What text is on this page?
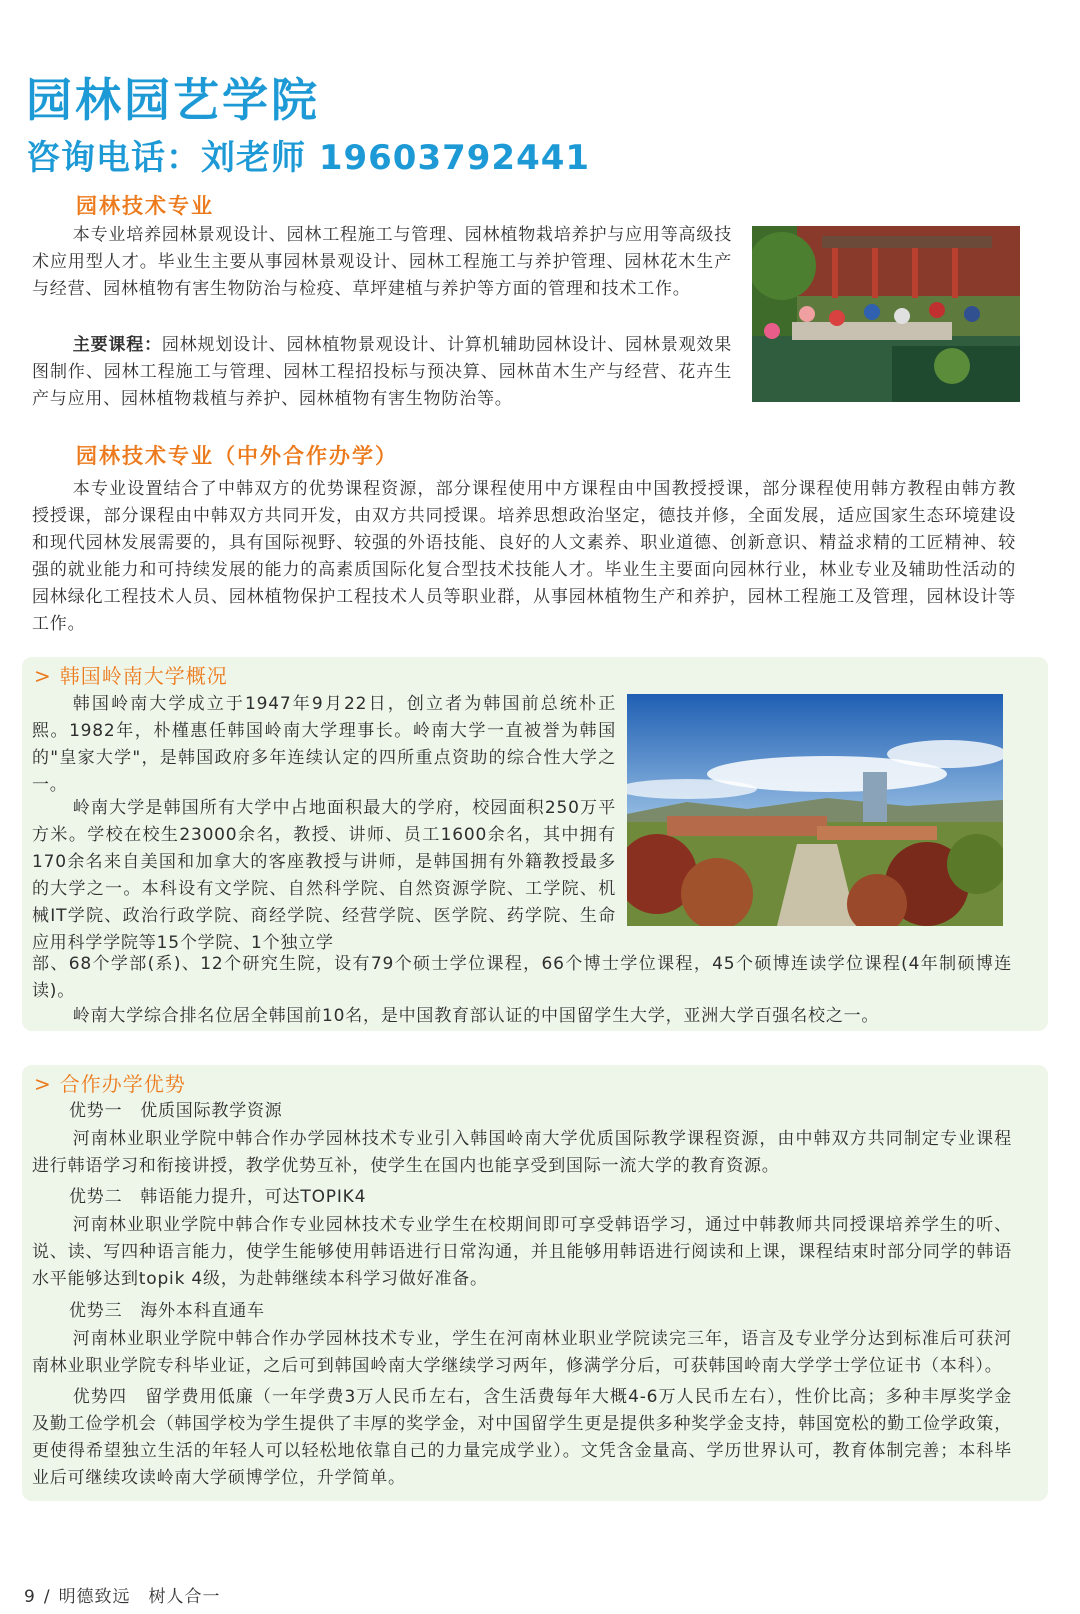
园林园艺学院
咨询电话：刘老师 19603792441
园林技术专业

本专业培养园林景观设计、园林工程施工与管理、园林植物栽培养护与应用等高级技术应用型人才。毕业生主要从事园林景观设计、园林工程施工与养护管理、园林花木生产与经营、园林植物有害生物防治与检疫、草坪建植与养护等方面的管理和技术工作。

主要课程：园林规划设计、园林植物景观设计、计算机辅助园林设计、园林景观效果图制作、园林工程施工与管理、园林工程招投标与预决算、园林苗木生产与经营、花卉生产与应用、园林植物栽植与养护、园林植物有害生物防治等。

园林技术专业（中外合作办学）

本专业设置结合了中韩双方的优势课程资源，部分课程使用中方课程由中国教授授课，部分课程使用韩方教程由韩方教授授课，部分课程由中韩双方共同开发，由双方共同授课。培养思想政治坚定，德技并修，全面发展，适应国家生态环境建设和现代园林发展需要的，具有国际视野、较强的外语技能、良好的人文素养、职业道德、创新意识、精益求精的工匠精神、较强的就业能力和可持续发展的能力的高素质国际化复合型技术技能人才。毕业生主要面向园林行业，林业专业及辅助性活动的园林绿化工程技术人员、园林植物保护工程技术人员等职业群，从事园林植物生产和养护，园林工程施工及管理，园林设计等工作。

> 韩国岭南大学概况

韩国岭南大学成立于1947年9月22日，创立者为韩国前总统朴正熙。1982年，朴槿惠任韩国岭南大学理事长。岭南大学一直被誉为韩国的"皇家大学"，是韩国政府多年连续认定的四所重点资助的综合性大学之一。

岭南大学是韩国所有大学中占地面积最大的学府，校园面积250万平方米。学校在校生23000余名，教授、讲师、员工1600余名，其中拥有170余名来自美国和加拿大的客座教授与讲师，是韩国拥有外籍教授最多的大学之一。本科设有文学院、自然科学院、自然资源学院、工学院、机械IT学院、政治行政学院、商经学院、经营学院、医学院、药学院、生命应用科学学院等15个学院、1个独立学

部、68个学部(系)、12个研究生院，设有79个硕士学位课程，66个博士学位课程，45个硕博连读学位课程(4年制硕博连读)。

岭南大学综合排名位居全韩国前10名，是中国教育部认证的中国留学生大学，亚洲大学百强名校之一。

> 合作办学优势

优势一　优质国际教学资源

河南林业职业学院中韩合作办学园林技术专业引入韩国岭南大学优质国际教学课程资源，由中韩双方共同制定专业课程进行韩语学习和衔接讲授，教学优势互补，使学生在国内也能享受到国际一流大学的教育资源。

优势二　韩语能力提升，可达TOPIK4

河南林业职业学院中韩合作专业园林技术专业学生在校期间即可享受韩语学习，通过中韩教师共同授课培养学生的听、说、读、写四种语言能力，使学生能够使用韩语进行日常沟通，并且能够用韩语进行阅读和上课，课程结束时部分同学的韩语水平能够达到topik 4级，为赴韩继续本科学习做好准备。

优势三　海外本科直通车

河南林业职业学院中韩合作办学园林技术专业，学生在河南林业职业学院读完三年，语言及专业学分达到标准后可获河南林业职业学院专科毕业证，之后可到韩国岭南大学继续学习两年，修满学分后，可获韩国岭南大学学士学位证书（本科）。

优势四　留学费用低廉（一年学费3万人民币左右，含生活费每年大概4-6万人民币左右），性价比高；多种丰厚奖学金及勤工俭学机会（韩国学校为学生提供了丰厚的奖学金，对中国留学生更是提供多种奖学金支持，韩国宽松的勤工俭学政策，更使得希望独立生活的年轻人可以轻松地依靠自己的力量完成学业）。文凭含金量高、学历世界认可，教育体制完善；本科毕业后可继续攻读岭南大学硕博学位，升学简单。

9 / 明德致远　树人合一
